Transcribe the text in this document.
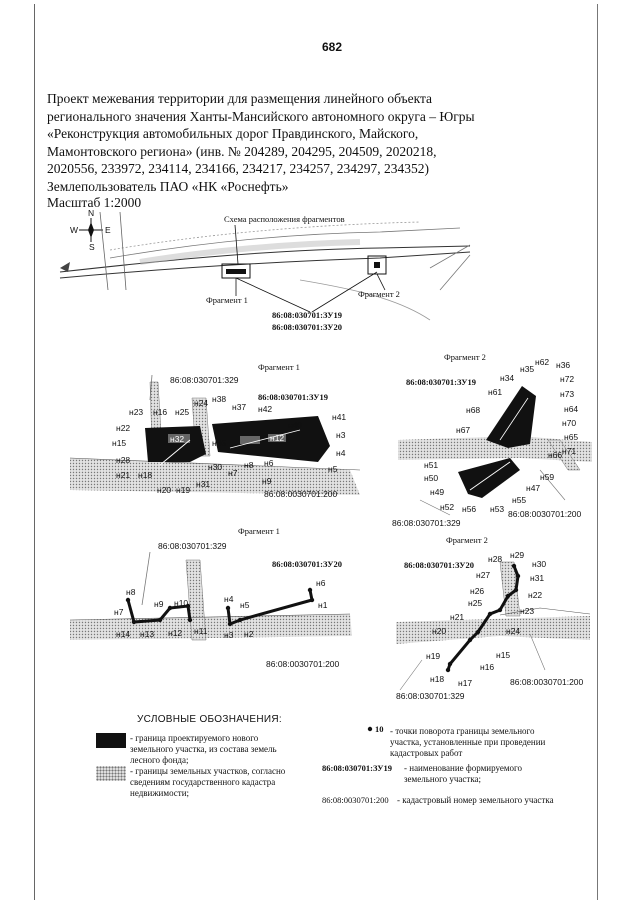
682
Проект межевания территории для размещения линейного объекта
регионального значения Ханты-Мансийского автономного округа – Югры
«Реконструкция автомобильных дорог Правдинского, Майского,
Мамонтовского региона» (инв. № 204289, 204295, 204509, 2020218,
2020556, 233972, 234114, 234166, 234217, 234257, 234297, 234352)
Землепользователь ПАО «НК «Роснефть»
Масштаб 1:2000
N
E
S
W
Схема расположения фрагментов
Фрагмент 1
Фрагмент 2
86:08:030701:ЗУ19
86:08:030701:ЗУ20
Фрагмент 1
86:08:030701:329
86:08:030701:ЗУ19
н23
н22
н15
н28
н21 н18
н20 н19
н31
н30
н25
н16
н24 н38
н37 н42
н40
н41
н3
н4
н5
н9
н7
н6
н8
н35
н32	н12
86:08:0030701:200
Фрагмент 2
86:08:030701:ЗУ19
н62 н36
н35
н34	н72
н61	н73
н68	н64
н70
н67
н65
н66 н71
н51
н59
н50
н47
н49
н55
н52 н56 н53
86:08:030701:329
86:08:0030701:200
Фрагмент 1
86:08:030701:329
86:08:030701:ЗУ20
н8
н7
н9 н10
н14 н13 н12 н11
н4
н5
н3 н2
н6
н1
86:08:0030701:200
Фрагмент 2
86:08:030701:ЗУ20
н28 н29
н30
н27	н31
н26	н22
н25
н23
н21
н24
н20
н15
н19
н16
н18 н17
86:08:030701:329
86:08:0030701:200
10
УСЛОВНЫЕ ОБОЗНАЧЕНИЯ:
- граница проектируемого нового земельного участка, из состава земель лесного фонда;
- границы земельных участков, согласно сведениям государственного кадастра недвижимости;
- точки поворота границы земельного участка, установленные при проведении кадастровых работ
86:08:030701:ЗУ19 - наименование формируемого земельного участка;
86:08:0030701:200 - кадастровый номер земельного участка
